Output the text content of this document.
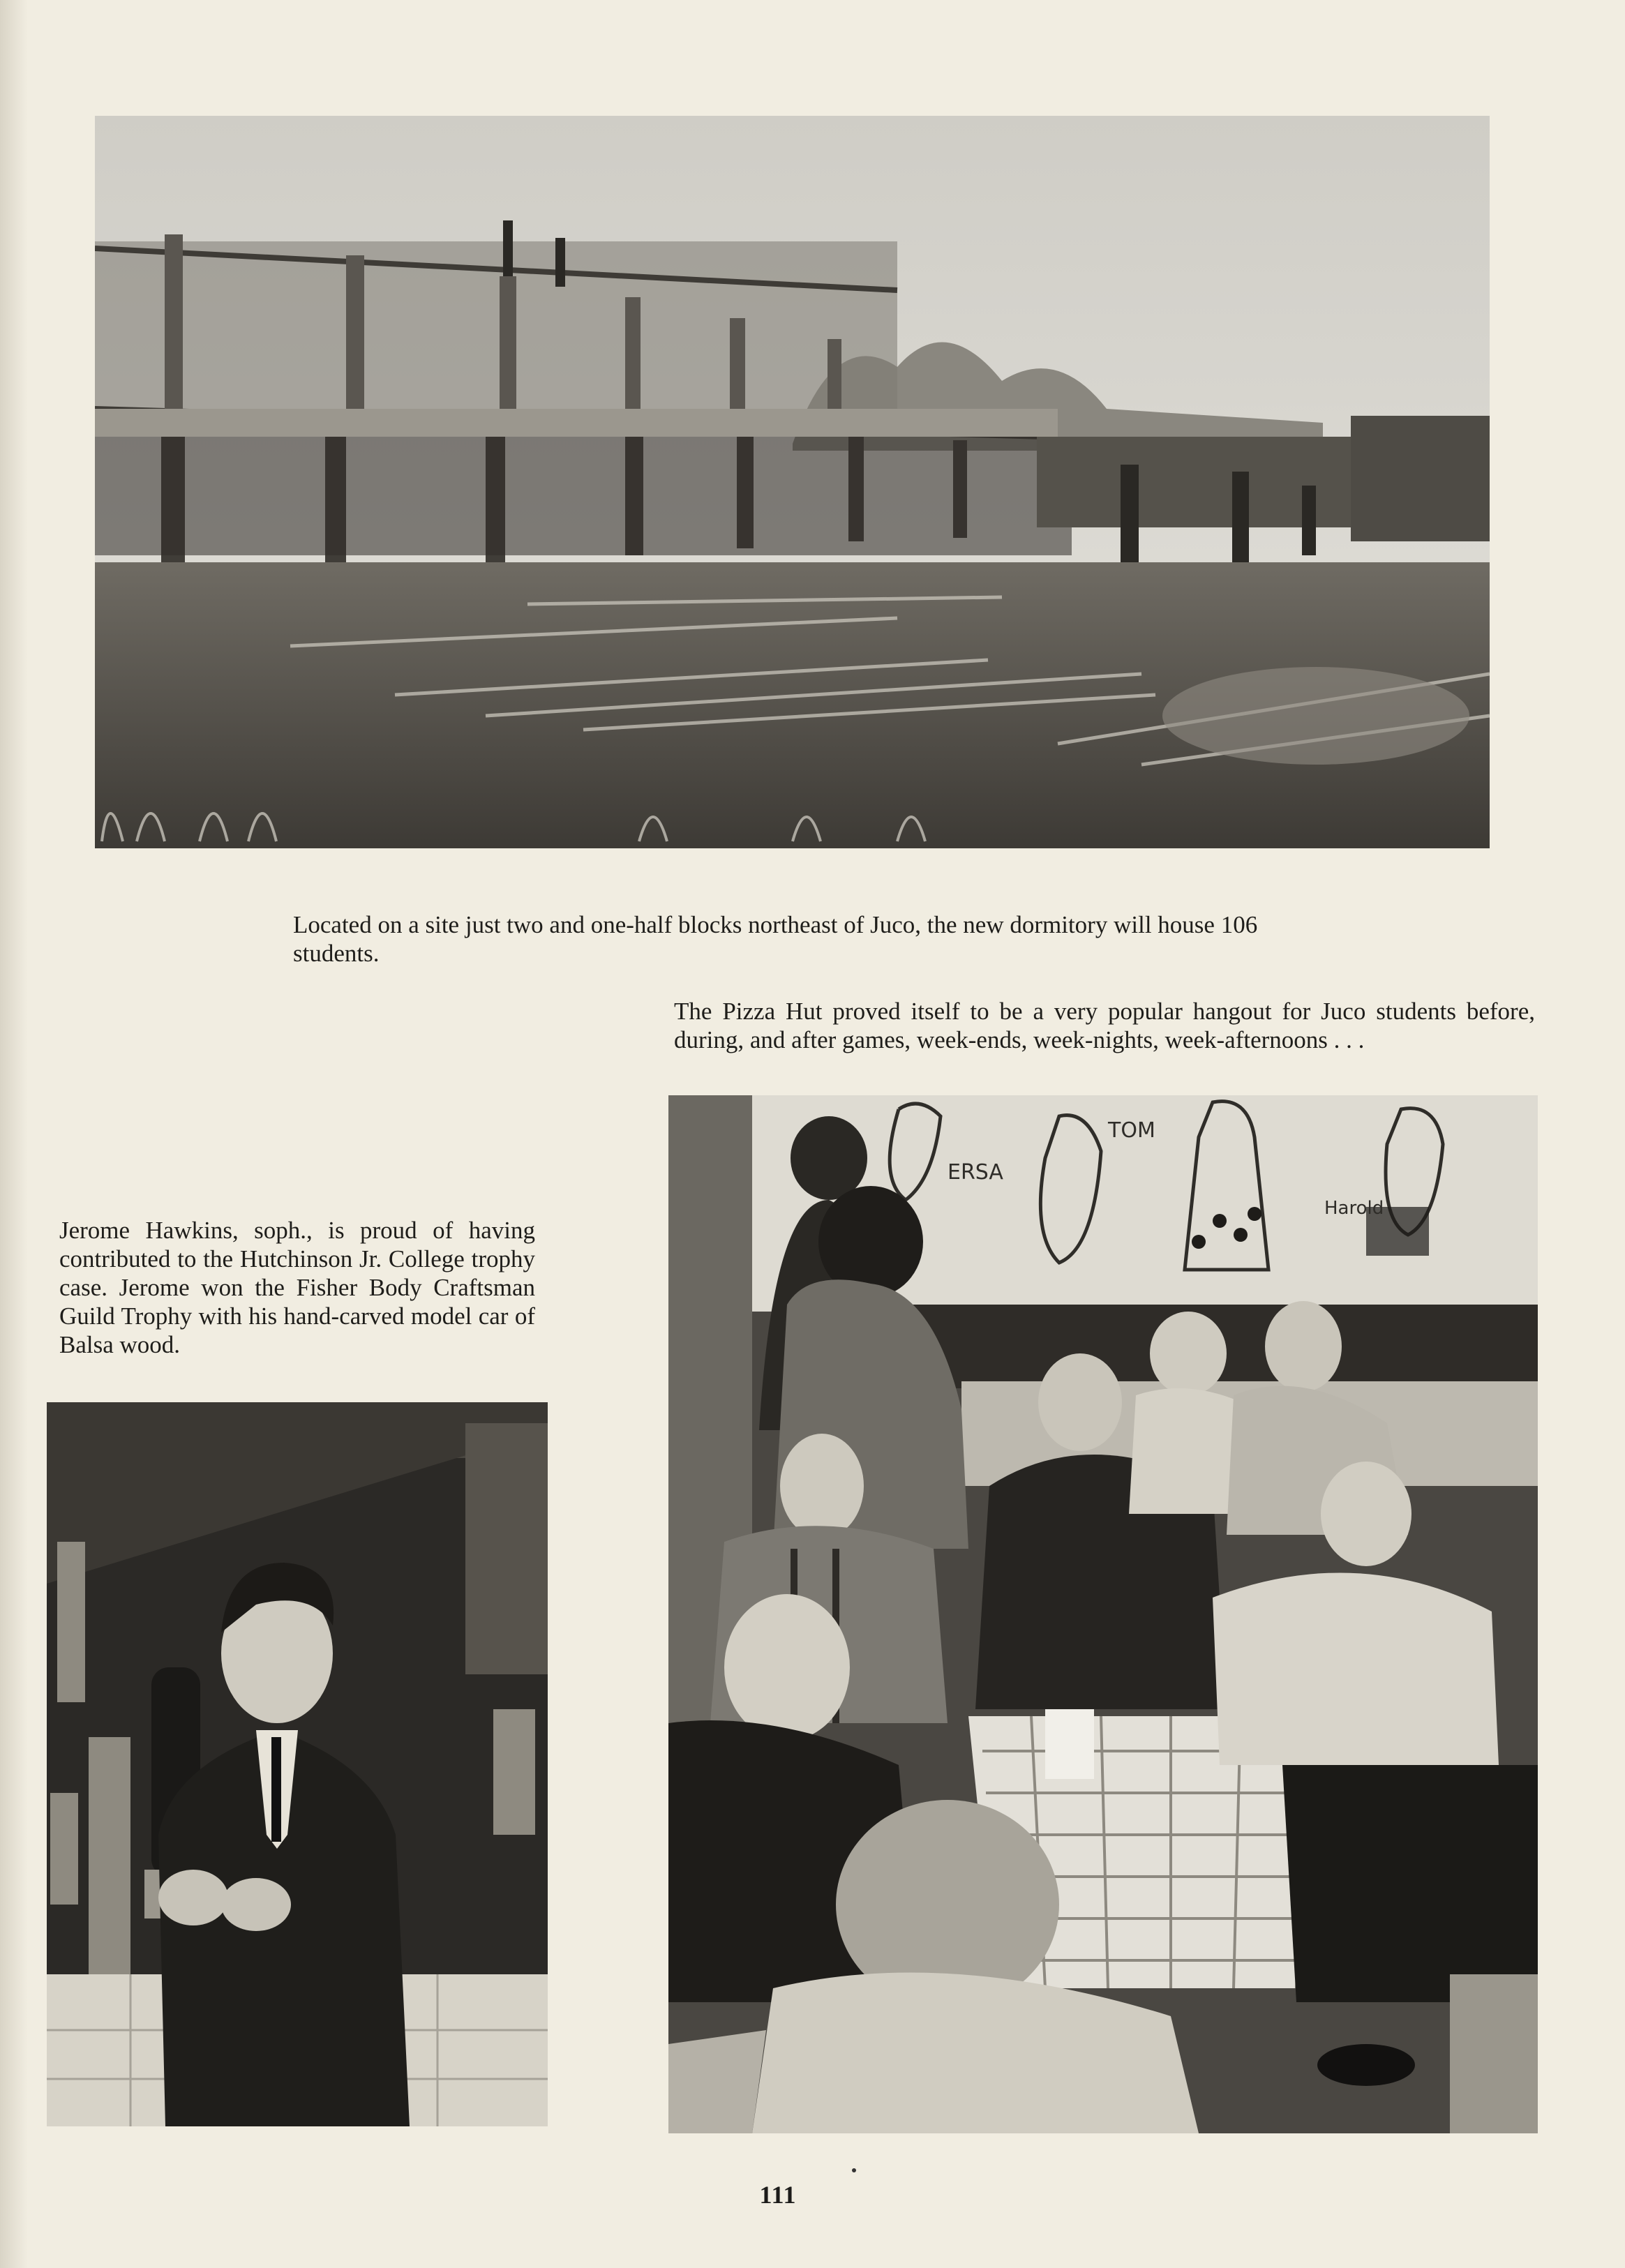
Located on a site just two and one-half blocks northeast of Juco, the new dormitory will house 106 students.

The Pizza Hut proved itself to be a very popular hangout for Juco students before, during, and after games, week-ends, week-nights, week-afternoons . . .

Jerome Hawkins, soph., is proud of having contributed to the Hutchinson Jr. College trophy case. Jerome won the Fisher Body Craftsman Guild Trophy with his hand-carved model car of Balsa wood.

ERSA
TOM
Harold
111
